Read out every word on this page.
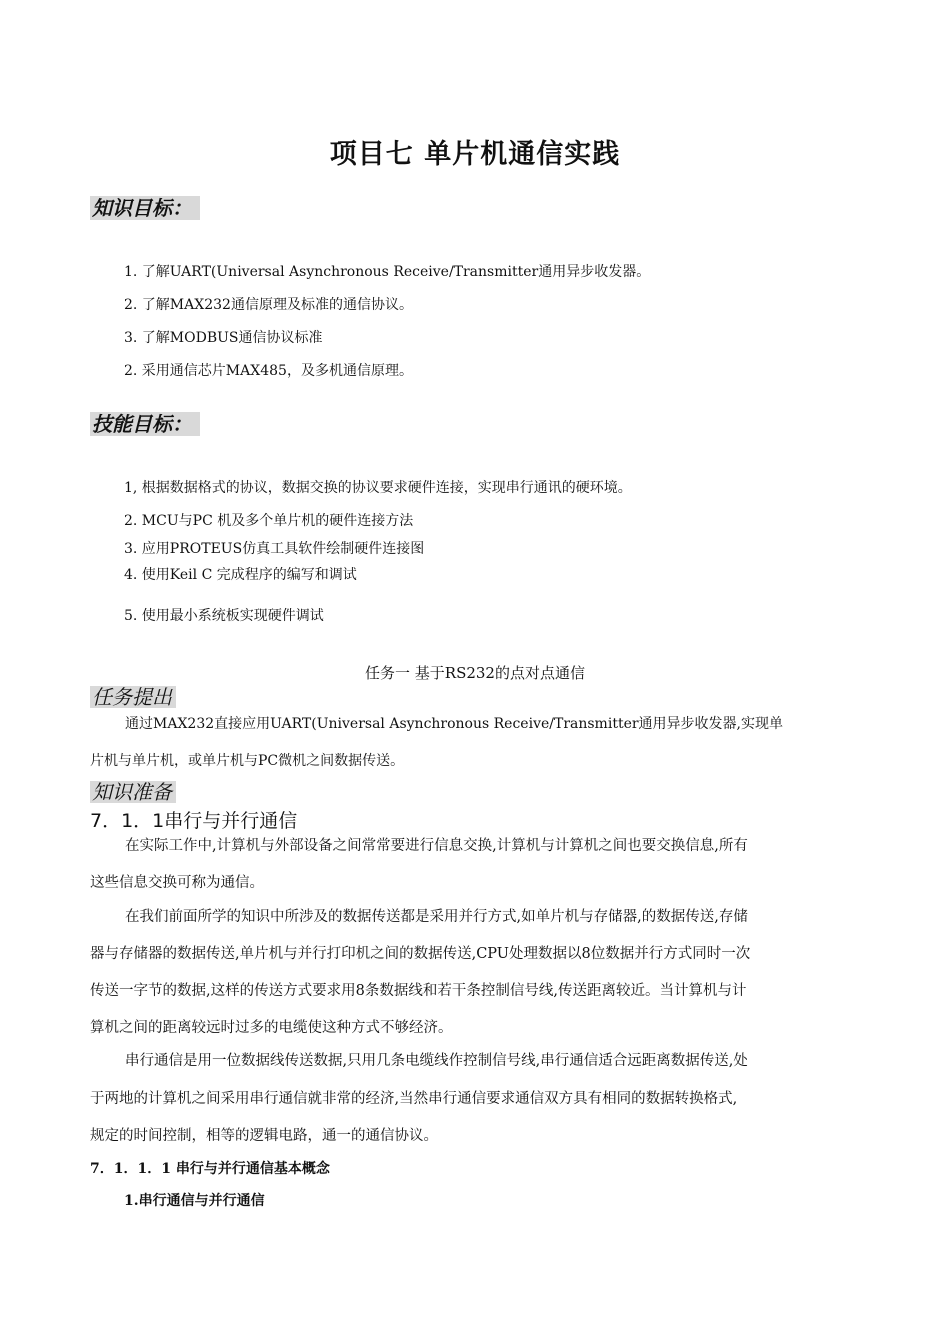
项目七 单片机通信实践
知识目标：
1. 了解UART(Universal Asynchronous Receive/Transmitter通用异步收发器。
2. 了解MAX232通信原理及标准的通信协议。
3. 了解MODBUS通信协议标准
2. 采用通信芯片MAX485，及多机通信原理。
技能目标：
1, 根据数据格式的协议，数据交换的协议要求硬件连接，实现串行通讯的硬环境。
2. MCU与PC 机及多个单片机的硬件连接方法
3. 应用PROTEUS仿真工具软件绘制硬件连接图
4. 使用Keil C 完成程序的编写和调试
5. 使用最小系统板实现硬件调试
任务一 基于RS232的点对点通信
任务提出
通过MAX232直接应用UART(Universal Asynchronous Receive/Transmitter通用异步收发器,实现单
片机与单片机，或单片机与PC微机之间数据传送。
知识准备
7．1．1串行与并行通信
在实际工作中,计算机与外部设备之间常常要进行信息交换,计算机与计算机之间也要交换信息,所有
这些信息交换可称为通信。
在我们前面所学的知识中所涉及的数据传送都是采用并行方式,如单片机与存储器,的数据传送,存储
器与存储器的数据传送,单片机与并行打印机之间的数据传送,CPU处理数据以8位数据并行方式同时一次
传送一字节的数据,这样的传送方式要求用8条数据线和若干条控制信号线,传送距离较近。当计算机与计
算机之间的距离较远时过多的电缆使这种方式不够经济。
串行通信是用一位数据线传送数据,只用几条电缆线作控制信号线,串行通信适合远距离数据传送,处
于两地的计算机之间采用串行通信就非常的经济,当然串行通信要求通信双方具有相同的数据转换格式,
规定的时间控制，相等的逻辑电路，通一的通信协议。
7．1．1．1 串行与并行通信基本概念
1.串行通信与并行通信
